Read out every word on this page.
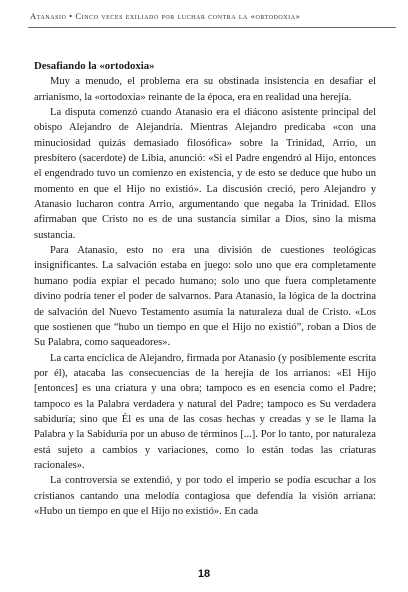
Atanasio • Cinco veces exiliado por luchar contra la «ortodoxia»
Desafiando la «ortodoxia»

Muy a menudo, el problema era su obstinada insistencia en desafiar el arrianismo, la «ortodoxia» reinante de la época, era en realidad una herejía.

La disputa comenzó cuando Atanasio era el diácono asistente principal del obispo Alejandro de Alejandría. Mientras Alejandro predicaba «con una minuciosidad quizás demasiado filosófica» sobre la Trinidad, Arrio, un presbítero (sacerdote) de Libia, anunció: «Si el Padre engendró al Hijo, entonces el engendrado tuvo un comienzo en existencia, y de esto se deduce que hubo un momento en que el Hijo no existió». La discusión creció, pero Alejandro y Atanasio lucharon contra Arrio, argumentando que negaba la Trinidad. Ellos afirmaban que Cristo no es de una sustancia similar a Dios, sino la misma sustancia.

Para Atanasio, esto no era una división de cuestiones teológicas insignificantes. La salvación estaba en juego: solo uno que era completamente humano podía expiar el pecado humano; solo uno que fuera completamente divino podría tener el poder de salvarnos. Para Atanasio, la lógica de la doctrina de salvación del Nuevo Testamento asumía la naturaleza dual de Cristo. «Los que sostienen que “hubo un tiempo en que el Hijo no existió”, roban a Dios de Su Palabra, como saqueadores».

La carta encíclica de Alejandro, firmada por Atanasio (y posiblemente escrita por él), atacaba las consecuencias de la herejía de los arrianos: «El Hijo [entonces] es una criatura y una obra; tampoco es en esencia como el Padre; tampoco es la Palabra verdadera y natural del Padre; tampoco es Su verdadera sabiduría; sino que Él es una de las cosas hechas y creadas y se le llama la Palabra y la Sabiduría por un abuso de términos [...]. Por lo tanto, por naturaleza está sujeto a cambios y variaciones, como lo están todas las criaturas racionales».

La controversia se extendió, y por todo el imperio se podía escuchar a los cristianos cantando una melodía contagiosa que defendía la visión arriana: «Hubo un tiempo en que el Hijo no existió». En cada

18
